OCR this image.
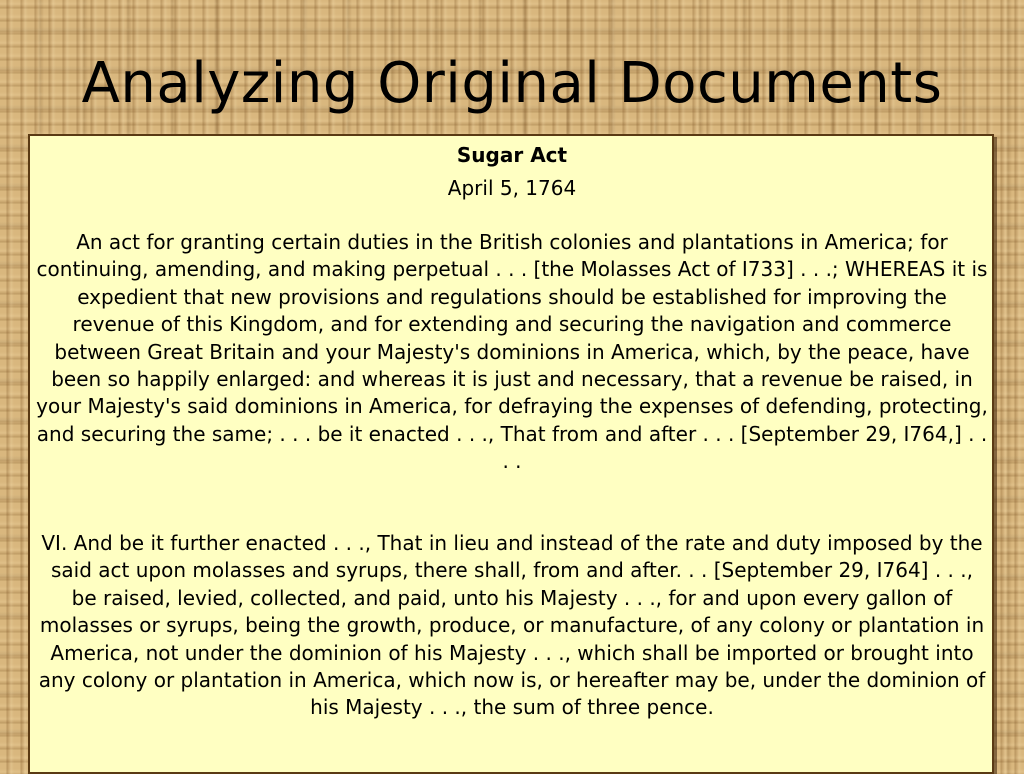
Analyzing Original Documents

Sugar Act

April 5, 1764

An act for granting certain duties in the British colonies and plantations in America; for continuing, amending, and making perpetual . . . [the Molasses Act of I733] . . .; WHEREAS it is expedient that new provisions and regulations should be established for improving the revenue of this Kingdom, and for extending and securing the navigation and commerce between Great Britain and your Majesty's dominions in America, which, by the peace, have been so happily enlarged: and whereas it is just and necessary, that a revenue be raised, in your Majesty's said dominions in America, for defraying the expenses of defending, protecting, and securing the same; . . . be it enacted . . ., That from and after . . . [September 29, I764,] . . . .

VI. And be it further enacted . . ., That in lieu and instead of the rate and duty imposed by the said act upon molasses and syrups, there shall, from and after. . . [September 29, I764] . . ., be raised, levied, collected, and paid, unto his Majesty . . ., for and upon every gallon of molasses or syrups, being the growth, produce, or manufacture, of any colony or plantation in America, not under the dominion of his Majesty . . ., which shall be imported or brought into any colony or plantation in America, which now is, or hereafter may be, under the dominion of his Majesty . . ., the sum of three pence.
